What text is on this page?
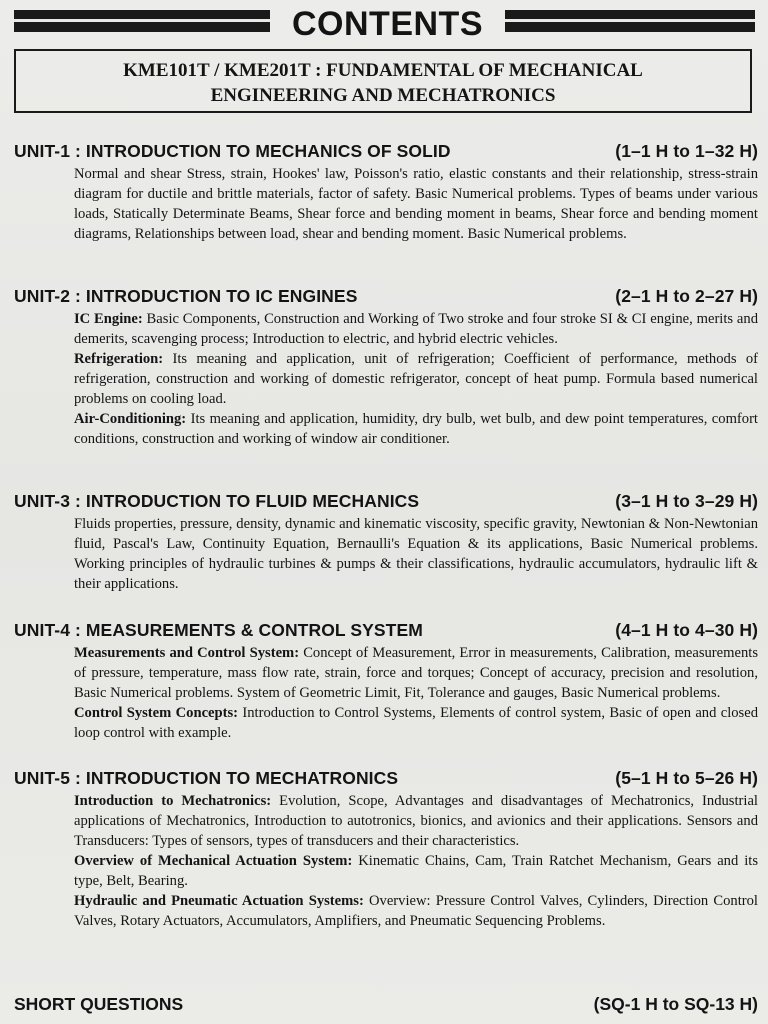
CONTENTS
KME101T / KME201T : FUNDAMENTAL OF MECHANICAL
ENGINEERING AND MECHATRONICS
UNIT-1 : INTRODUCTION TO MECHANICS OF SOLID	(1–1 H to 1–32 H)

Normal and shear Stress, strain, Hookes' law, Poisson's ratio, elastic constants and their relationship, stress-strain diagram for ductile and brittle materials, factor of safety. Basic Numerical problems. Types of beams under various loads, Statically Determinate Beams, Shear force and bending moment in beams, Shear force and bending moment diagrams, Relationships between load, shear and bending moment. Basic Numerical problems.

UNIT-2 : INTRODUCTION TO IC ENGINES	(2–1 H to 2–27 H)

IC Engine: Basic Components, Construction and Working of Two stroke and four stroke SI & CI engine, merits and demerits, scavenging process; Introduction to electric, and hybrid electric vehicles.

Refrigeration: Its meaning and application, unit of refrigeration; Coefficient of performance, methods of refrigeration, construction and working of domestic refrigerator, concept of heat pump. Formula based numerical problems on cooling load.

Air-Conditioning: Its meaning and application, humidity, dry bulb, wet bulb, and dew point temperatures, comfort conditions, construction and working of window air conditioner.

UNIT-3 : INTRODUCTION TO FLUID MECHANICS	(3–1 H to 3–29 H)

Fluids properties, pressure, density, dynamic and kinematic viscosity, specific gravity, Newtonian & Non-Newtonian fluid, Pascal's Law, Continuity Equation, Bernaulli's Equation & its applications, Basic Numerical problems. Working principles of hydraulic turbines & pumps & their classifications, hydraulic accumulators, hydraulic lift & their applications.

UNIT-4 : MEASUREMENTS & CONTROL SYSTEM	(4–1 H to 4–30 H)

Measurements and Control System: Concept of Measurement, Error in measurements, Calibration, measurements of pressure, temperature, mass flow rate, strain, force and torques; Concept of accuracy, precision and resolution, Basic Numerical problems. System of Geometric Limit, Fit, Tolerance and gauges, Basic Numerical problems.

Control System Concepts: Introduction to Control Systems, Elements of control system, Basic of open and closed loop control with example.

UNIT-5 : INTRODUCTION TO MECHATRONICS	(5–1 H to 5–26 H)

Introduction to Mechatronics: Evolution, Scope, Advantages and disadvantages of Mechatronics, Industrial applications of Mechatronics, Introduction to autotronics, bionics, and avionics and their applications. Sensors and Transducers: Types of sensors, types of transducers and their characteristics.

Overview of Mechanical Actuation System: Kinematic Chains, Cam, Train Ratchet Mechanism, Gears and its type, Belt, Bearing.

Hydraulic and Pneumatic Actuation Systems: Overview: Pressure Control Valves, Cylinders, Direction Control Valves, Rotary Actuators, Accumulators, Amplifiers, and Pneumatic Sequencing Problems.

SHORT QUESTIONS	(SQ-1 H to SQ-13 H)
